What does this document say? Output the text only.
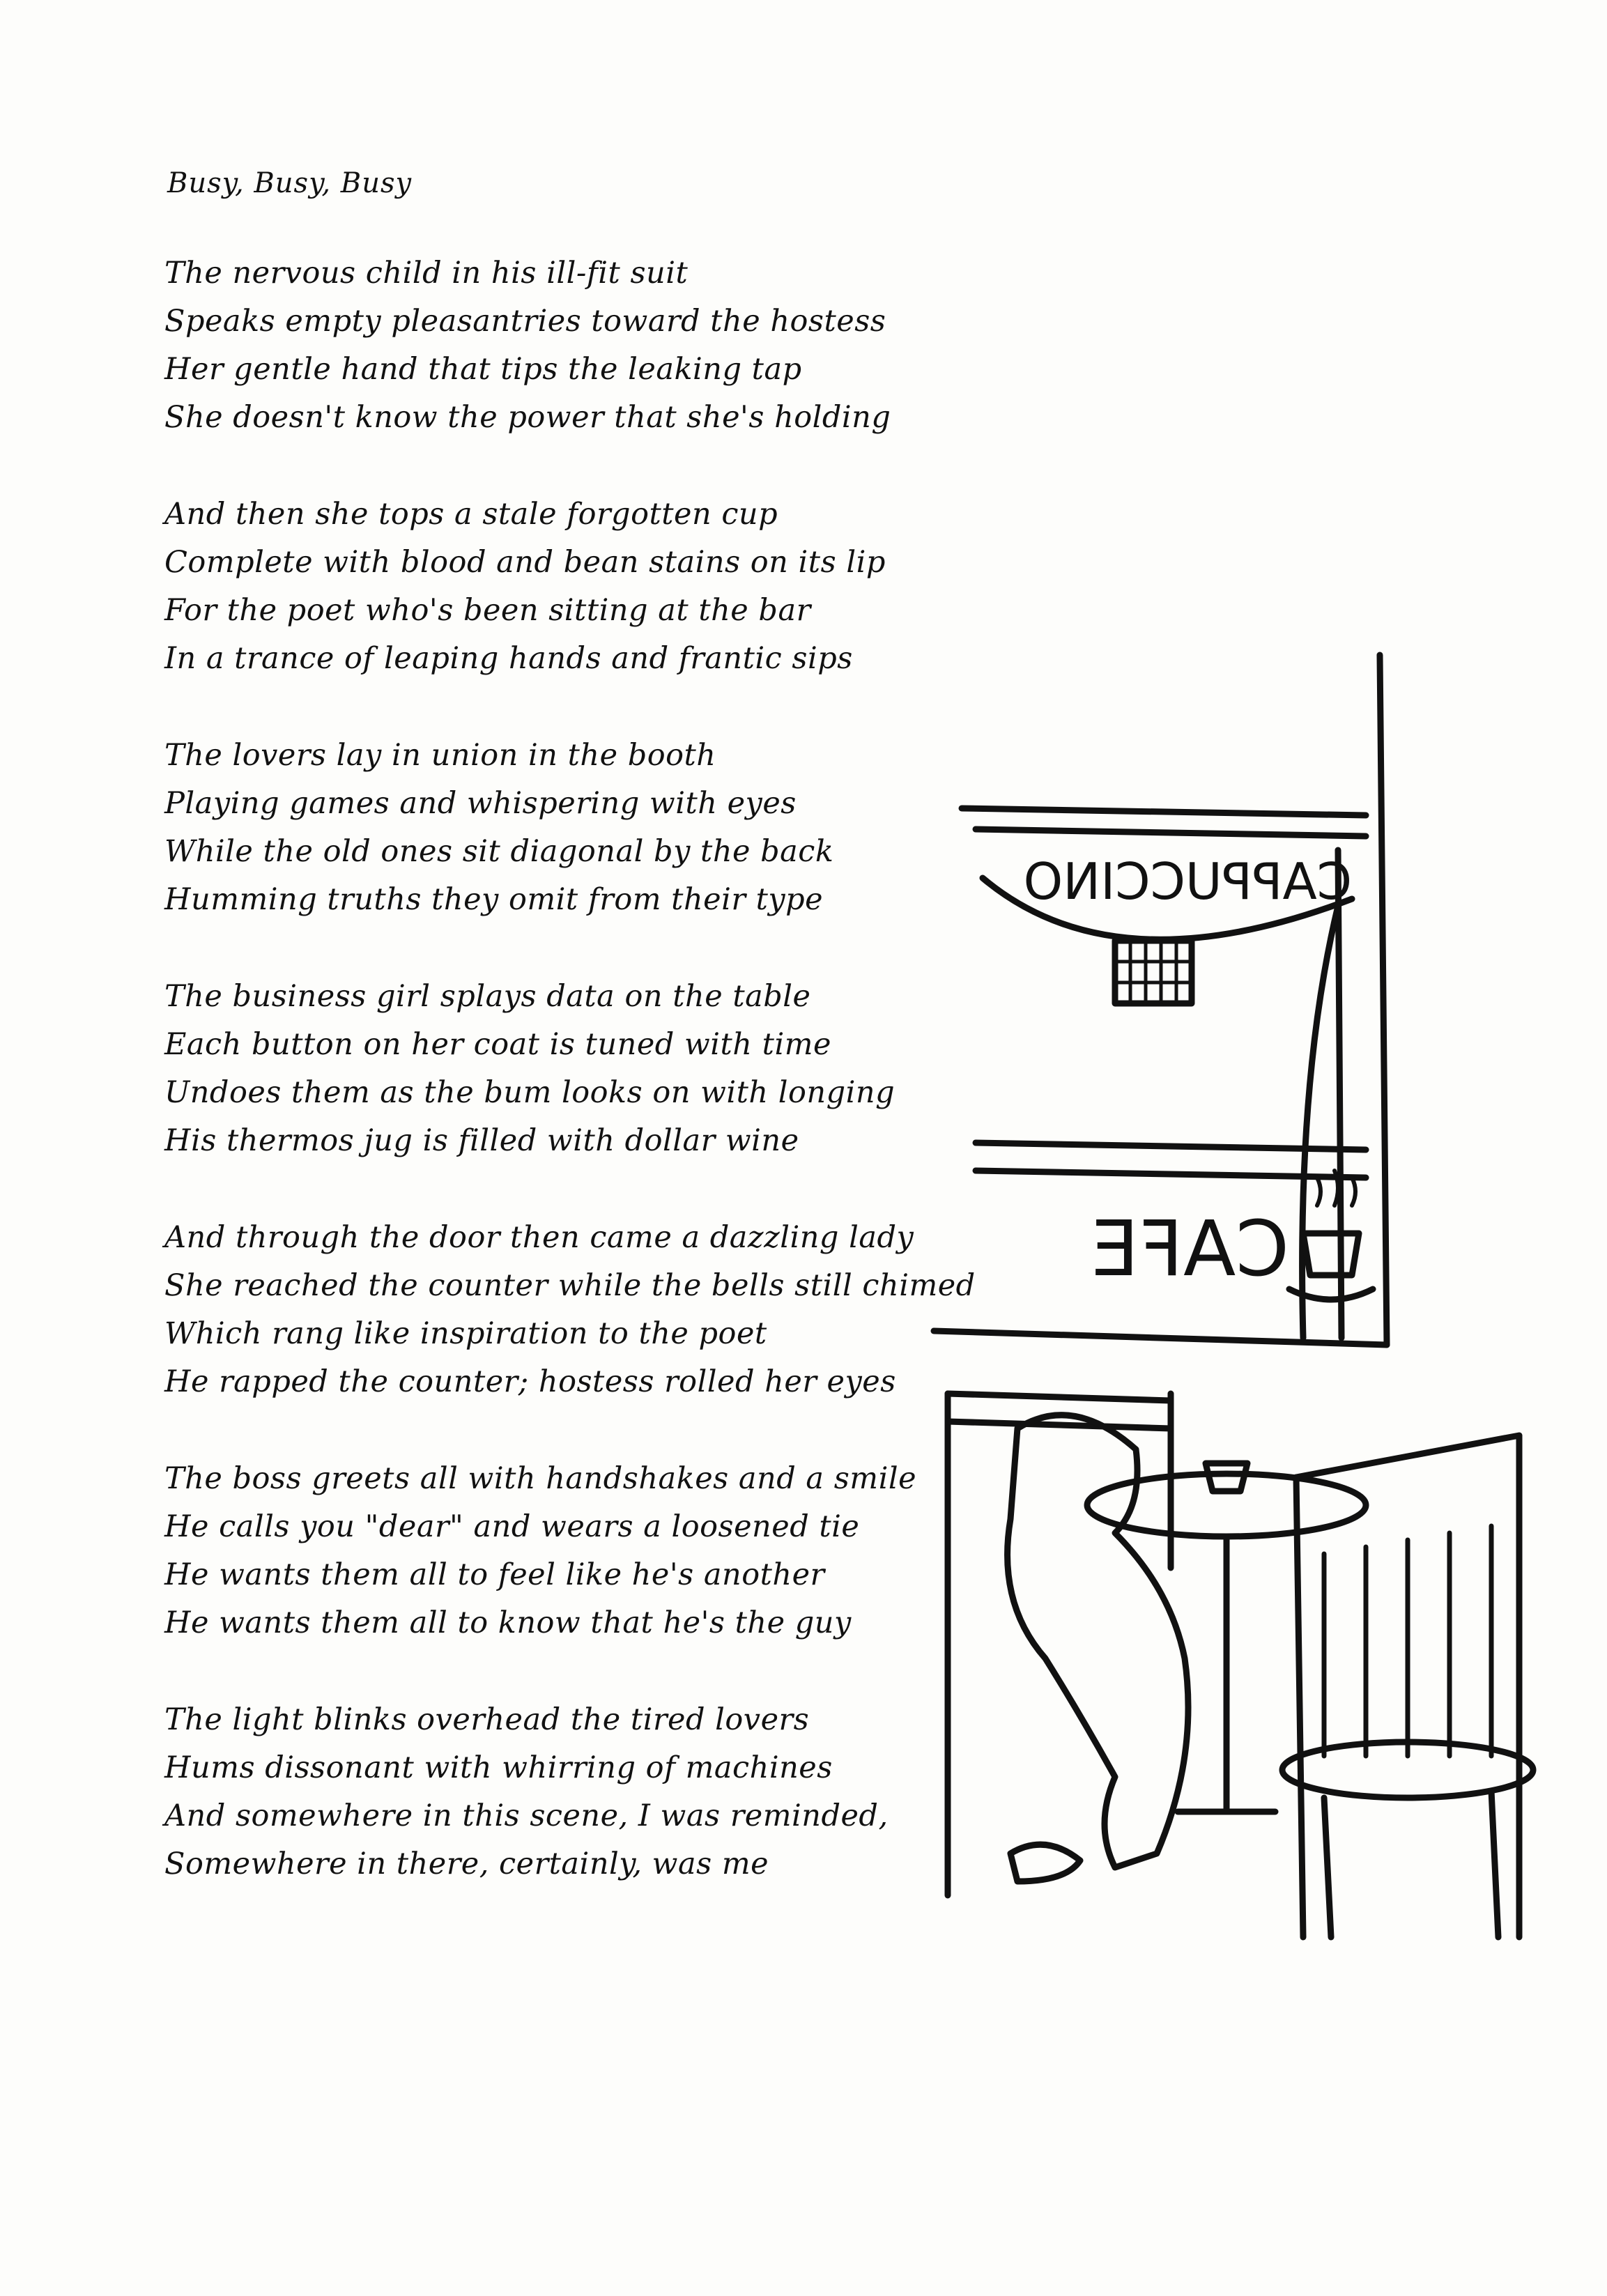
Busy, Busy, Busy
The nervous child in his ill-fit suit
Speaks empty pleasantries toward the hostess
Her gentle hand that tips the leaking tap
She doesn't know the power that she's holding
And then she tops a stale forgotten cup
Complete with blood and bean stains on its lip
For the poet who's been sitting at the bar
In a trance of leaping hands and frantic sips
The lovers lay in union in the booth
Playing games and whispering with eyes
While the old ones sit diagonal by the back
Humming truths they omit from their type
The business girl splays data on the table
Each button on her coat is tuned with time
Undoes them as the bum looks on with longing
His thermos jug is filled with dollar wine
And through the door then came a dazzling lady
She reached the counter while the bells still chimed
Which rang like inspiration to the poet
He rapped the counter; hostess rolled her eyes
The boss greets all with handshakes and a smile
He calls you "dear" and wears a loosened tie
He wants them all to feel like he's another
He wants them all to know that he's the guy
The light blinks overhead the tired lovers
Hums dissonant with whirring of machines
And somewhere in this scene, I was reminded,
Somewhere in there, certainly, was me
CAPPUCCINO
CAFE
